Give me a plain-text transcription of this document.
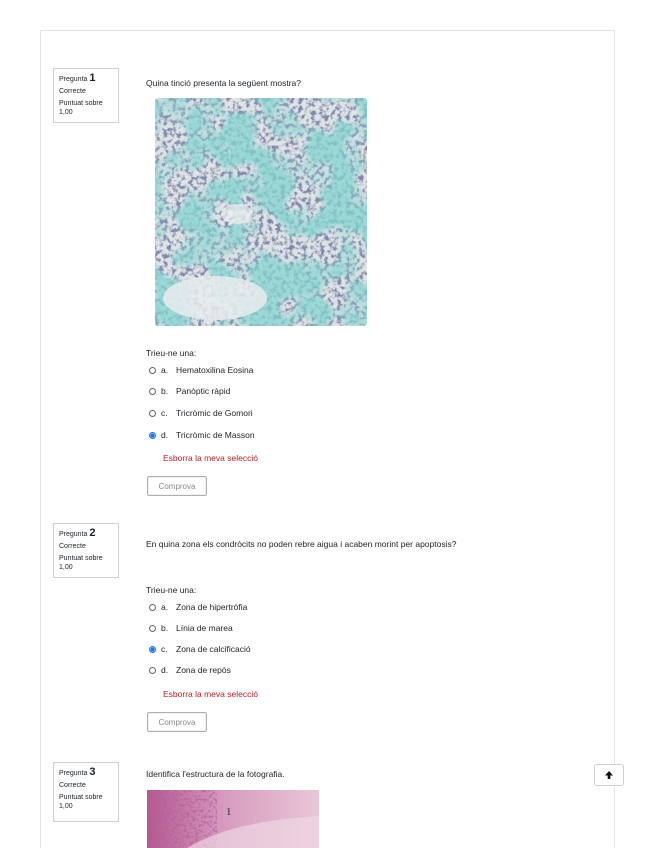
Pregunta 1
Correcte
Puntuat sobre 1,00
Quina tinció presenta la següent mostra?
Trieu-ne una:
a. Hematoxilina Eosina
b. Panòptic ràpid
c. Tricròmic de Gomori
d. Tricròmic de Masson
Esborra la meva selecció
Comprova
Pregunta 2
Correcte
Puntuat sobre 1,00
En quina zona els condròcits no poden rebre aigua i acaben morint per apoptosis?
Trieu-ne una:
a. Zona de hipertròfia
b. Línia de marea
c. Zona de calcificació
d. Zona de repòs
Esborra la meva selecció
Comprova
Pregunta 3
Correcte
Puntuat sobre 1,00
Identifica l'estructura de la fotografia.
1
